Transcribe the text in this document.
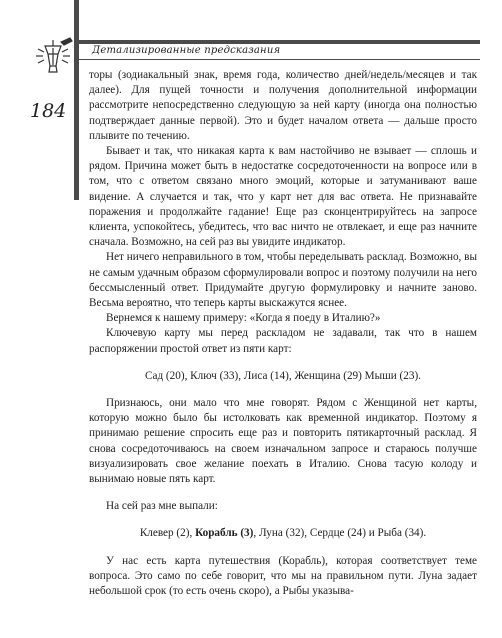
Детализированные предсказания
184

торы (зодиакальный знак, время года, количество дней/недель/месяцев и так далее). Для пущей точности и получения дополнительной информации рассмотрите непосредственно следующую за ней карту (иногда она полностью подтверждает данные первой). Это и будет началом ответа — дальше просто плывите по течению.

Бывает и так, что никакая карта к вам настойчиво не взывает — сплошь и рядом. Причина может быть в недостатке сосредоточенности на вопросе или в том, что с ответом связано много эмоций, которые и затуманивают ваше видение. А случается и так, что у карт нет для вас ответа. Не признавайте поражения и продолжайте гадание! Еще раз сконцентрируйтесь на запросе клиента, успокойтесь, убедитесь, что вас ничто не отвлекает, и еще раз начните сначала. Возможно, на сей раз вы увидите индикатор.

Нет ничего неправильного в том, чтобы переделывать расклад. Возможно, вы не самым удачным образом сформулировали вопрос и поэтому получили на него бессмысленный ответ. Придумайте другую формулировку и начните заново. Весьма вероятно, что теперь карты выскажутся яснее.

Вернемся к нашему примеру: «Когда я поеду в Италию?»

Ключевую карту мы перед раскладом не задавали, так что в нашем распоряжении простой ответ из пяти карт:

Сад (20), Ключ (33), Лиса (14), Женщина (29) Мыши (23).

Признаюсь, они мало что мне говорят. Рядом с Женщиной нет карты, которую можно было бы истолковать как временной индикатор. Поэтому я принимаю решение спросить еще раз и повторить пятикарточный расклад. Я снова сосредоточиваюсь на своем изначальном запросе и стараюсь получше визуализировать свое желание поехать в Италию. Снова тасую колоду и вынимаю новые пять карт.

На сей раз мне выпали:

Клевер (2), Корабль (3), Луна (32), Сердце (24) и Рыба (34).

У нас есть карта путешествия (Корабль), которая соответствует теме вопроса. Это само по себе говорит, что мы на правильном пути. Луна задает небольшой срок (то есть очень скоро), а Рыбы указыва-
